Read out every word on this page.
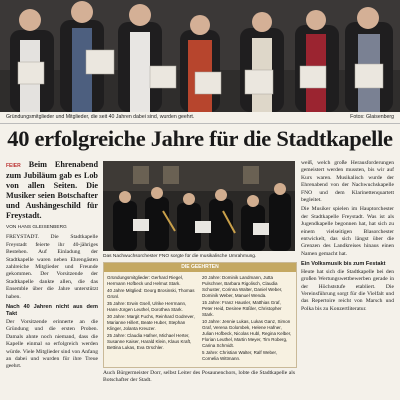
Gründungsmitglieder und Mitglieder, die seit 40 Jahren dabei sind, wurden geehrt.	Fotos: Glaisenberg
40 erfolgreiche Jahre für die Stadtkapelle

FEIER Beim Ehrenabend zum Jubiläum gab es Lob von allen Seiten. Die Musiker seien Botschafter und Aushängeschild für Freystadt.

VON HANS GLEISENBERG

FREYSTADT. Die Stadtkapelle Freystadt feierte ihr 40-jähriges Bestehen. Auf Einladung der Stadtkapelle waren neben Ehrengästen zahlreiche Mitglieder und Freunde gekommen. Der Vorsitzende der Stadtkapelle dankte allen, die das Ensemble über die Jahre unterstützt haben.

Nach 40 Jahren nicht aus dem Takt

Der Vorsitzende erinnerte an die Gründung und die ersten Proben. Damals ahnte noch niemand, dass die Kapelle einmal so erfolgreich werden würde. Viele Mitglieder sind von Anfang an dabei und wurden für ihre Treue geehrt.

Das Nachwuchsorchester FNO sorgte für die musikalische Umrahmung.
DIE GEEHRTEN

Gründungsmitglieder: Gerhard Riegel, Hermann Hofbeck und Helmut Stark.

40 Jahre Mitglied: Georg Brosinski, Thomas Grünl.

35 Jahre: Erwin Gsell, Ulrike Herrmann, Hans-Jürgen Leuthel, Dorothea Stark.

30 Jahre: Margit Fuchs, Reinhard Godrever, Marianne Hillert, Beate Huber, Stephan Klinger, Jolanta Kreuzer.

25 Jahre: Claudia Hafner, Michael Herter, Susanne Kaiser, Harald Klein, Klaus Kraft, Bettina Lukas, Eva Orschler.

20 Jahre: Dominik Landmann, Jutta Pulschner, Barbara Rigolisch, Claudia Schuster, Corinna Walter, Daniel Weber, Dominik Weber, Manuel Wenda.

15 Jahre: Franz Hausler, Matthias Graf, Peter Heid, Desiree Rößler, Christopher Stark.

10 Jahre: Jennie Lukas, Lukas Ganz, Simon Graf, Verena Golombek, Helene Hafner, Julian Hofbeck, Nicolas Hubl, Regina Kelber, Florian Leuthel, Martin Meyer, Tim Roberg, Carina Schmidt.

5 Jahre: Christian Walter, Ralf Weber, Cornelia Wittmann.

Auch Bürgermeister Dorr, selbst Leiter des Posaunenchors, lobte die Stadtkapelle als Botschafter der Stadt.

weiß, welch große Herausforderungen gemeistert werden mussten, bis wir auf Kurs waren. Musikalisch wurde der Ehrenabend von der Nachwuchskapelle FNO und dem Klarinettenquartett begleitet.

Die Musiker spielen im Hauptorchester der Stadtkapelle Freystadt. Was ist als Jugendkapelle begonnen hat, hat sich zu einem vielseitigen Blasorchester entwickelt, das sich längst über die Grenzen des Landkreises hinaus einen Namen gemacht hat.

Ein Volksmusik bis zum Festakt

Heute hat sich die Stadtkapelle bei den großen Wertungswettbewerben gerade in der Höchststufe etabliert. Die Vereinsführung sorgt für die Vielfalt und das Repertoire reicht von Marsch und Polka bis zu Konzertliteratur.
